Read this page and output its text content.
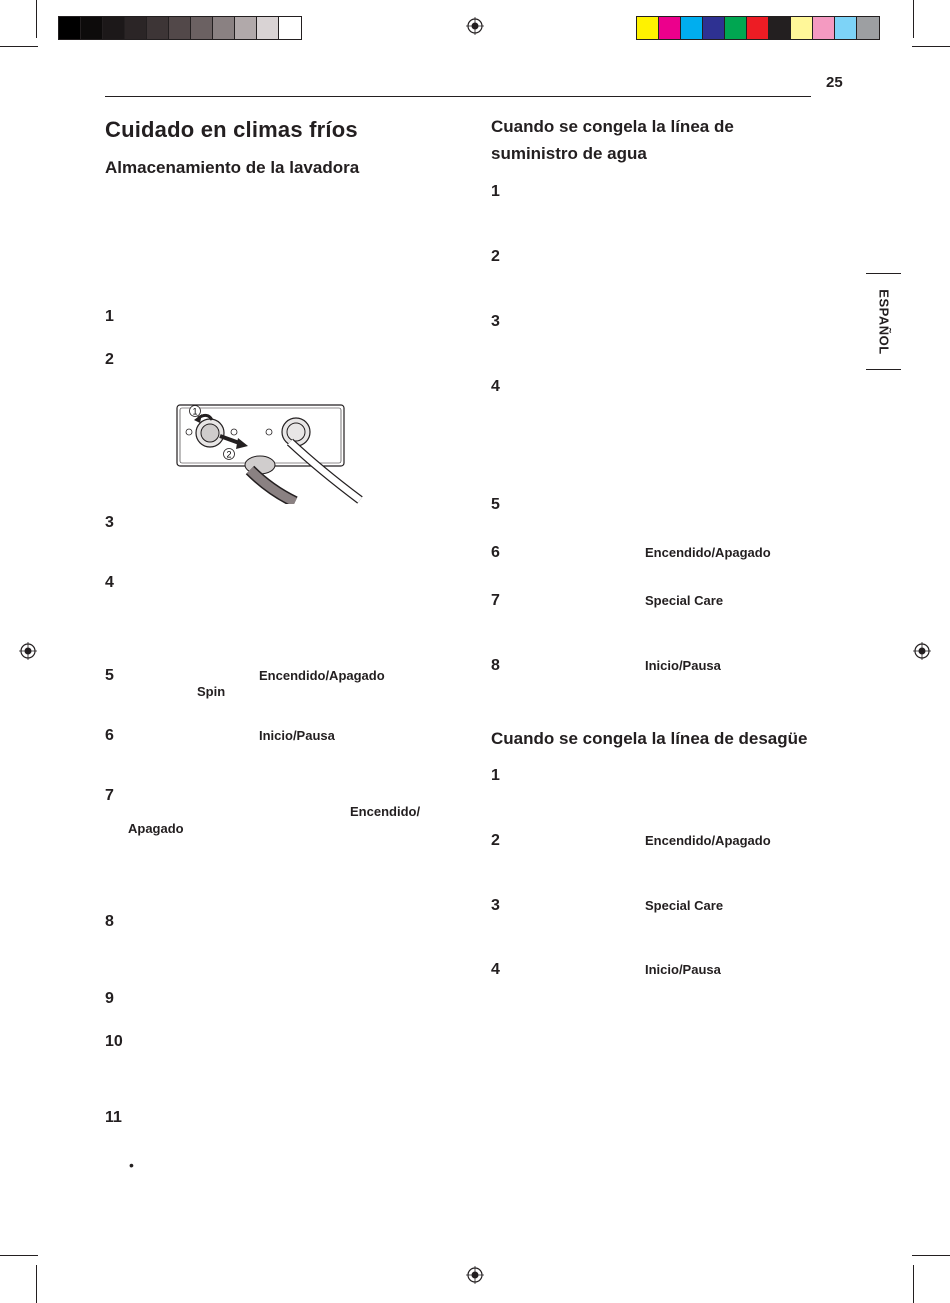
25
ESPAÑOL
Cuidado en climas fríos
Almacenamiento de la lavadora
1
2
1
2
3
4
5	Encendido/Apagado
Spin
6	Inicio/Pausa
7
Encendido/
Apagado
8
9
10
11
•
Cuando se congela la línea de
suministro de agua
1
2
3
4
5
6	Encendido/Apagado
7	Special Care
8	Inicio/Pausa
Cuando se congela la línea de desagüe
1
2	Encendido/Apagado
3	Special Care
4	Inicio/Pausa
